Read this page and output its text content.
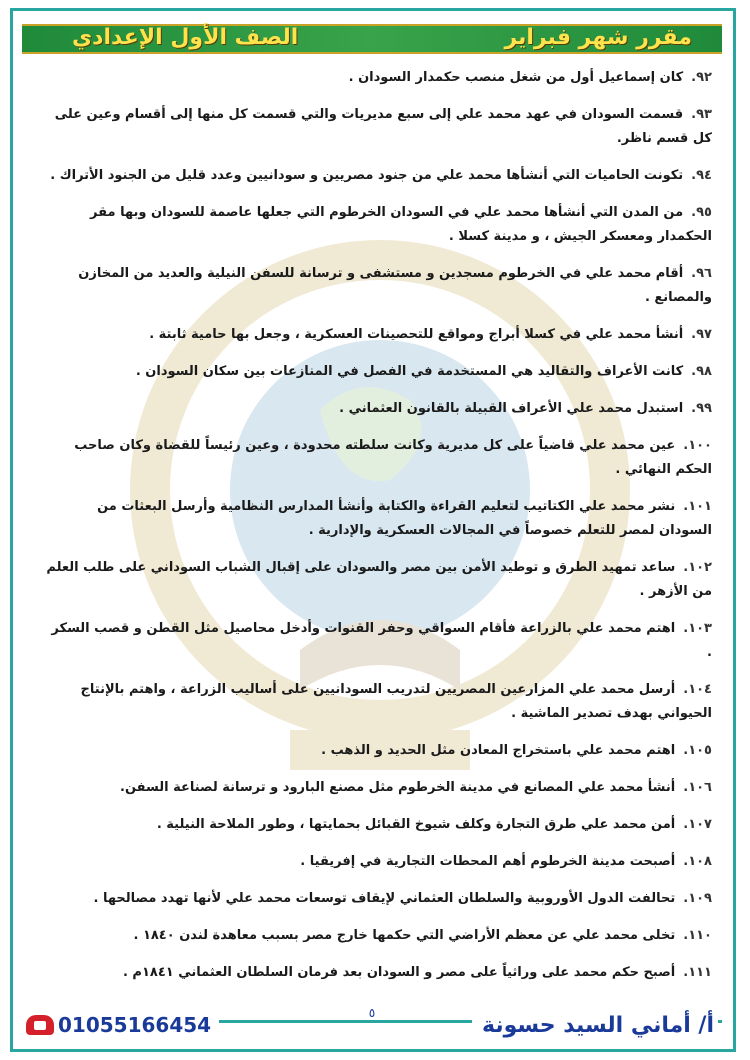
مقرر شهر فبراير
الصف الأول الإعدادي
٩٢.كان إسماعيل أول من شغل منصب حكمدار السودان .
٩٣.قسمت السودان في عهد محمد علي إلى سبع مديريات والتي قسمت كل منها إلى أقسام وعين على كل قسم ناظر.
٩٤.تكونت الحاميات التي أنشأها محمد علي من جنود مصريين و سودانيين وعدد قليل من الجنود الأتراك .
٩٥.من المدن التي أنشأها محمد علي في السودان الخرطوم التي جعلها عاصمة للسودان وبها مقر الحكمدار ومعسكر الجيش ، و مدينة كسلا .
٩٦.أقام محمد علي في الخرطوم مسجدين و مستشفى و ترسانة للسفن النيلية والعديد من المخازن والمصانع .
٩٧.أنشأ محمد علي في كسلا أبراج ومواقع للتحصينات العسكرية ، وجعل بها حامية ثابتة .
٩٨.كانت الأعراف والتقاليد هي المستخدمة في الفصل في المنازعات بين سكان السودان .
٩٩.استبدل محمد علي الأعراف القبيلة بالقانون العثماني .
١٠٠.عين محمد علي قاضياً على كل مديرية وكانت سلطته محدودة ، وعين رئيساً للقضاة وكان صاحب الحكم النهائي .
١٠١.نشر محمد علي الكتاتيب لتعليم القراءة والكتابة وأنشأ المدارس النظامية وأرسل البعثات من السودان لمصر للتعلم خصوصاً في المجالات العسكرية والإدارية .
١٠٢.ساعد تمهيد الطرق و توطيد الأمن بين مصر والسودان على إقبال الشباب السوداني على طلب العلم من الأزهر .
١٠٣.اهتم محمد علي بالزراعة فأقام السواقي وحفر القنوات وأدخل محاصيل مثل القطن و قصب السكر .
١٠٤.أرسل محمد علي المزارعين المصريين لتدريب السودانيين على أساليب الزراعة ، واهتم بالإنتاج الحيواني بهدف تصدير الماشية .
١٠٥.اهتم محمد علي باستخراج المعادن مثل الحديد و الذهب .
١٠٦.أنشأ محمد علي المصانع في مدينة الخرطوم مثل مصنع البارود و ترسانة لصناعة السفن.
١٠٧.أمن محمد علي طرق التجارة وكلف شيوخ القبائل بحمايتها ، وطور الملاحة النيلية .
١٠٨.أصبحت مدينة الخرطوم أهم المحطات التجارية في إفريقيا .
١٠٩.تحالفت الدول الأوروبية والسلطان العثماني لإيقاف توسعات محمد علي لأنها تهدد مصالحها .
١١٠.تخلى محمد علي عن معظم الأراضي التي حكمها خارج مصر بسبب معاهدة لندن ١٨٤٠ .
١١١.أصبح حكم محمد على وراثياً على مصر و السودان بعد فرمان السلطان العثماني ١٨٤١م .
01055166454	٥	أ/ أماني السيد حسونة
